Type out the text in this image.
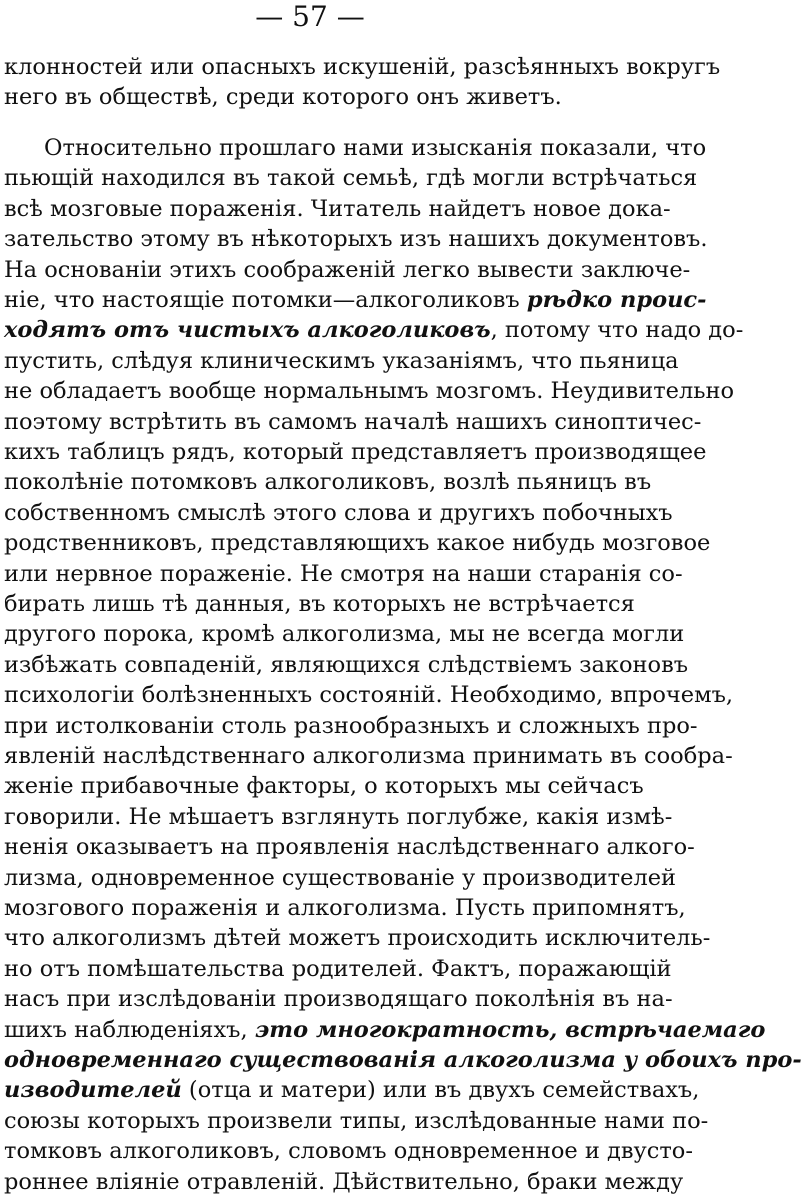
— 57 —
клонностей или опасныхъ искушеній, разсѣянныхъ вокругъ
него въ обществѣ, среди которого онъ живетъ.
Относительно прошлаго нами изысканія показали, что
пьющій находился въ такой семьѣ, гдѣ могли встрѣчаться
всѣ мозговые пораженія. Читатель найдетъ новое дока-
зательство этому въ нѣкоторыхъ изъ нашихъ документовъ.
На основаніи этихъ соображеній легко вывести заключе-
ніе, что настоящіе потомки—алкоголиковъ рѣдко проис-
ходятъ отъ чистыхъ алкоголиковъ, потому что надо до-
пустить, слѣдуя клиническимъ указаніямъ, что пьяница
не обладаетъ вообще нормальнымъ мозгомъ. Неудивительно
поэтому встрѣтить въ самомъ началѣ нашихъ синоптичес-
кихъ таблицъ рядъ, который представляетъ производящее
поколѣніе потомковъ алкоголиковъ, возлѣ пьяницъ въ
собственномъ смыслѣ этого слова и другихъ побочныхъ
родственниковъ, представляющихъ какое нибудь мозговое
или нервное пораженіе. Не смотря на наши старанія со-
бирать лишь тѣ данныя, въ которыхъ не встрѣчается
другого порока, кромѣ алкоголизма, мы не всегда могли
избѣжать совпаденій, являющихся слѣдствіемъ законовъ
психологіи болѣзненныхъ состояній. Необходимо, впрочемъ,
при истолкованіи столь разнообразныхъ и сложныхъ про-
явленій наслѣдственнаго алкоголизма принимать въ сообра-
женіе прибавочные факторы, о которыхъ мы сейчасъ
говорили. Не мѣшаетъ взглянуть поглубже, какія измѣ-
ненія оказываетъ на проявленія наслѣдственнаго алкого-
лизма, одновременное существованіе у производителей
мозгового пораженія и алкоголизма. Пусть припомнятъ,
что алкоголизмъ дѣтей можетъ происходить исключитель-
но отъ помѣшательства родителей. Фактъ, поражающій
насъ при изслѣдованіи производящаго поколѣнія въ на-
шихъ наблюденіяхъ, это многократность, встрѣчаемаго
одновременнаго существованія алкоголизма у обоихъ про-
изводителей (отца и матери) или въ двухъ семействахъ,
союзы которыхъ произвели типы, изслѣдованные нами по-
томковъ алкоголиковъ, словомъ одновременное и двусто-
роннее вліяніе отравленій. Дѣйствительно, браки между
